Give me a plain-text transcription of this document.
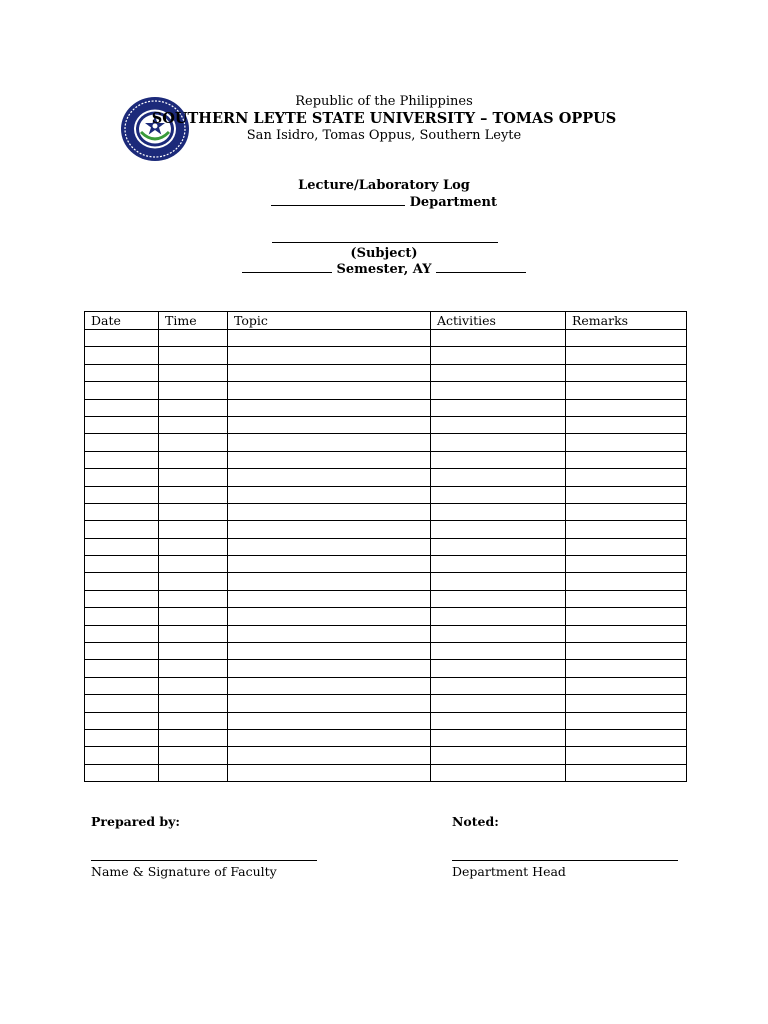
Republic of the Philippines
SOUTHERN LEYTE STATE UNIVERSITY – TOMAS OPPUS
San Isidro, Tomas Oppus, Southern Leyte
Lecture/Laboratory Log
Department
(Subject)
Semester, AY
Date	Time	Topic	Activities	Remarks

Prepared by:	Noted:
Name & Signature of Faculty	Department Head
